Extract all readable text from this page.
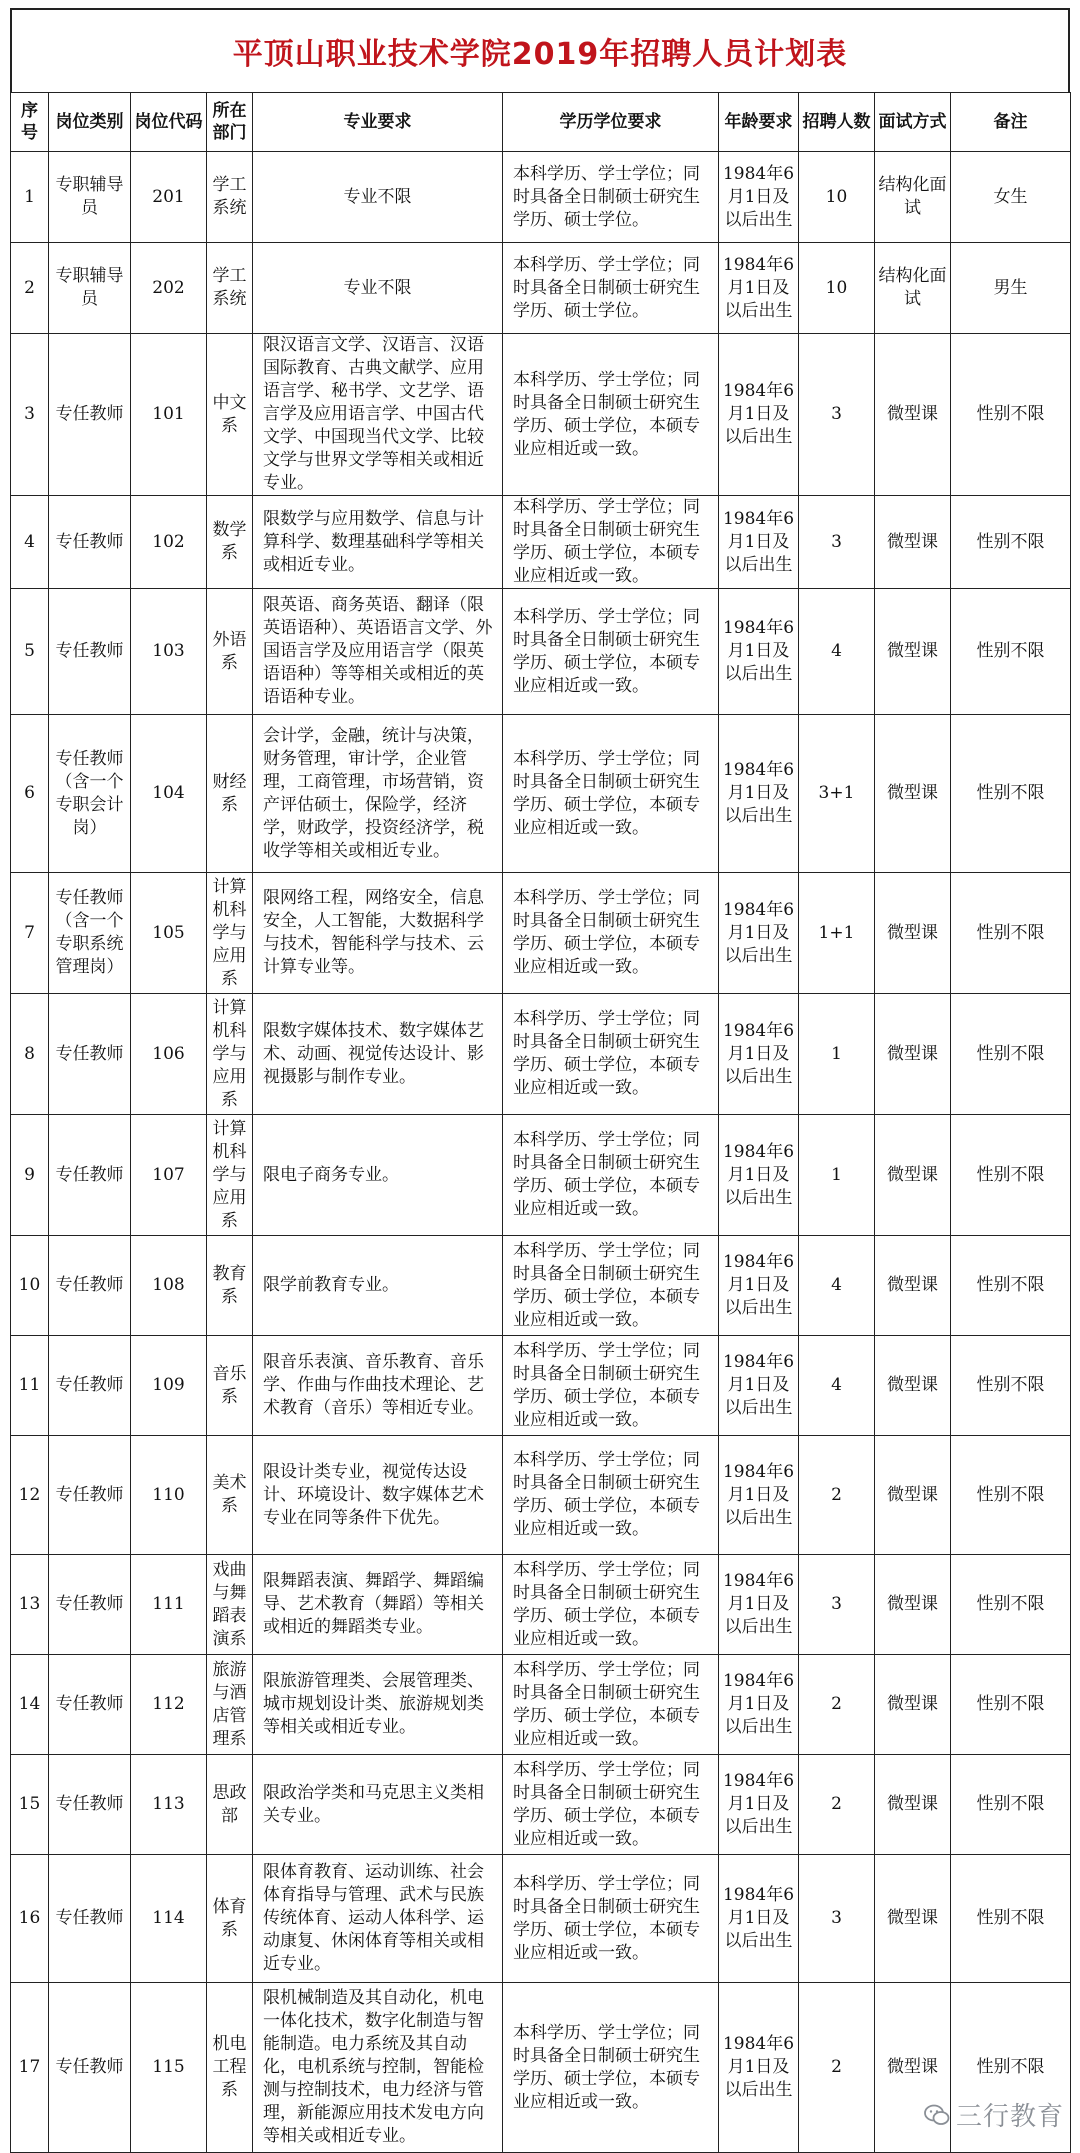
平顶山职业技术学院2019年招聘人员计划表
序号	岗位类别	岗位代码	所在部门	专业要求	学历学位要求	年龄要求	招聘人数	面试方式	备注
1	专职辅导员	201	学工系统	专业不限	本科学历、学士学位；同时具备全日制硕士研究生学历、硕士学位。	1984年6月1日及以后出生	10	结构化面试	女生
2	专职辅导员	202	学工系统	专业不限	本科学历、学士学位；同时具备全日制硕士研究生学历、硕士学位。	1984年6月1日及以后出生	10	结构化面试	男生
3	专任教师	101	中文系	限汉语言文学、汉语言、汉语国际教育、古典文献学、应用语言学、秘书学、文艺学、语言学及应用语言学、中国古代文学、中国现当代文学、比较文学与世界文学等相关或相近专业。	本科学历、学士学位；同时具备全日制硕士研究生学历、硕士学位，本硕专业应相近或一致。	1984年6月1日及以后出生	3	微型课	性别不限
4	专任教师	102	数学系	限数学与应用数学、信息与计算科学、数理基础科学等相关或相近专业。	本科学历、学士学位；同时具备全日制硕士研究生学历、硕士学位，本硕专业应相近或一致。	1984年6月1日及以后出生	3	微型课	性别不限
5	专任教师	103	外语系	限英语、商务英语、翻译（限英语语种）、英语语言文学、外国语言学及应用语言学（限英语语种）等等相关或相近的英语语种专业。	本科学历、学士学位；同时具备全日制硕士研究生学历、硕士学位，本硕专业应相近或一致。	1984年6月1日及以后出生	4	微型课	性别不限
6	专任教师（含一个专职会计岗）	104	财经系	会计学，金融，统计与决策，财务管理，审计学，企业管理，工商管理，市场营销，资产评估硕士，保险学，经济学，财政学，投资经济学，税收学等相关或相近专业。	本科学历、学士学位；同时具备全日制硕士研究生学历、硕士学位，本硕专业应相近或一致。	1984年6月1日及以后出生	3+1	微型课	性别不限
7	专任教师（含一个专职系统管理岗）	105	计算机科学与应用系	限网络工程，网络安全，信息安全，人工智能，大数据科学与技术，智能科学与技术、云计算专业等。	本科学历、学士学位；同时具备全日制硕士研究生学历、硕士学位，本硕专业应相近或一致。	1984年6月1日及以后出生	1+1	微型课	性别不限
8	专任教师	106	计算机科学与应用系	限数字媒体技术、数字媒体艺术、动画、视觉传达设计、影视摄影与制作专业。	本科学历、学士学位；同时具备全日制硕士研究生学历、硕士学位，本硕专业应相近或一致。	1984年6月1日及以后出生	1	微型课	性别不限
9	专任教师	107	计算机科学与应用系	限电子商务专业。	本科学历、学士学位；同时具备全日制硕士研究生学历、硕士学位，本硕专业应相近或一致。	1984年6月1日及以后出生	1	微型课	性别不限
10	专任教师	108	教育系	限学前教育专业。	本科学历、学士学位；同时具备全日制硕士研究生学历、硕士学位，本硕专业应相近或一致。	1984年6月1日及以后出生	4	微型课	性别不限
11	专任教师	109	音乐系	限音乐表演、音乐教育、音乐学、作曲与作曲技术理论、艺术教育（音乐）等相近专业。	本科学历、学士学位；同时具备全日制硕士研究生学历、硕士学位，本硕专业应相近或一致。	1984年6月1日及以后出生	4	微型课	性别不限
12	专任教师	110	美术系	限设计类专业，视觉传达设计、环境设计、数字媒体艺术专业在同等条件下优先。	本科学历、学士学位；同时具备全日制硕士研究生学历、硕士学位，本硕专业应相近或一致。	1984年6月1日及以后出生	2	微型课	性别不限
13	专任教师	111	戏曲与舞蹈表演系	限舞蹈表演、舞蹈学、舞蹈编导、艺术教育（舞蹈）等相关或相近的舞蹈类专业。	本科学历、学士学位；同时具备全日制硕士研究生学历、硕士学位，本硕专业应相近或一致。	1984年6月1日及以后出生	3	微型课	性别不限
14	专任教师	112	旅游与酒店管理系	限旅游管理类、会展管理类、城市规划设计类、旅游规划类等相关或相近专业。	本科学历、学士学位；同时具备全日制硕士研究生学历、硕士学位，本硕专业应相近或一致。	1984年6月1日及以后出生	2	微型课	性别不限
15	专任教师	113	思政部	限政治学类和马克思主义类相关专业。	本科学历、学士学位；同时具备全日制硕士研究生学历、硕士学位，本硕专业应相近或一致。	1984年6月1日及以后出生	2	微型课	性别不限
16	专任教师	114	体育系	限体育教育、运动训练、社会体育指导与管理、武术与民族传统体育、运动人体科学、运动康复、休闲体育等相关或相近专业。	本科学历、学士学位；同时具备全日制硕士研究生学历、硕士学位，本硕专业应相近或一致。	1984年6月1日及以后出生	3	微型课	性别不限
17	专任教师	115	机电工程系	限机械制造及其自动化，机电一体化技术，数字化制造与智能制造。电力系统及其自动化，电机系统与控制，智能检测与控制技术，电力经济与管理，新能源应用技术发电方向等相关或相近专业。	本科学历、学士学位；同时具备全日制硕士研究生学历、硕士学位，本硕专业应相近或一致。	1984年6月1日及以后出生	2	微型课	性别不限
三行教育
